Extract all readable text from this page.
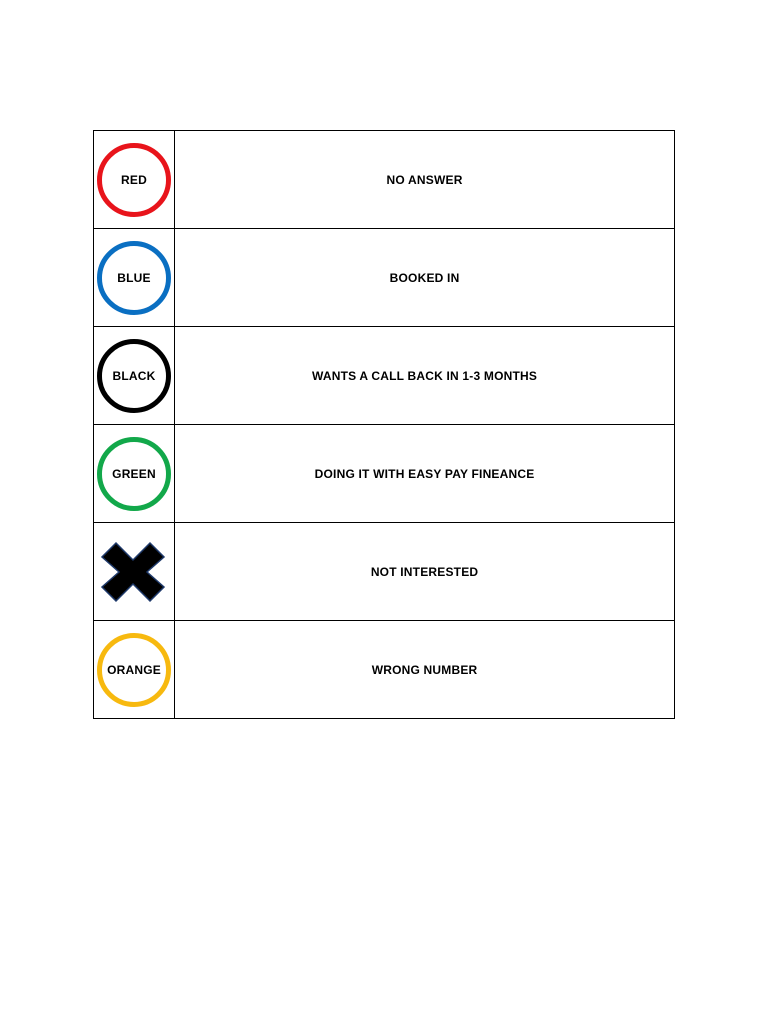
RED	NO ANSWER

BLUE	BOOKED IN

BLACK	WANTS A CALL BACK IN 1-3 MONTHS

GREEN	DOING IT WITH EASY PAY FINEANCE

	NOT INTERESTED

ORANGE	WRONG NUMBER
